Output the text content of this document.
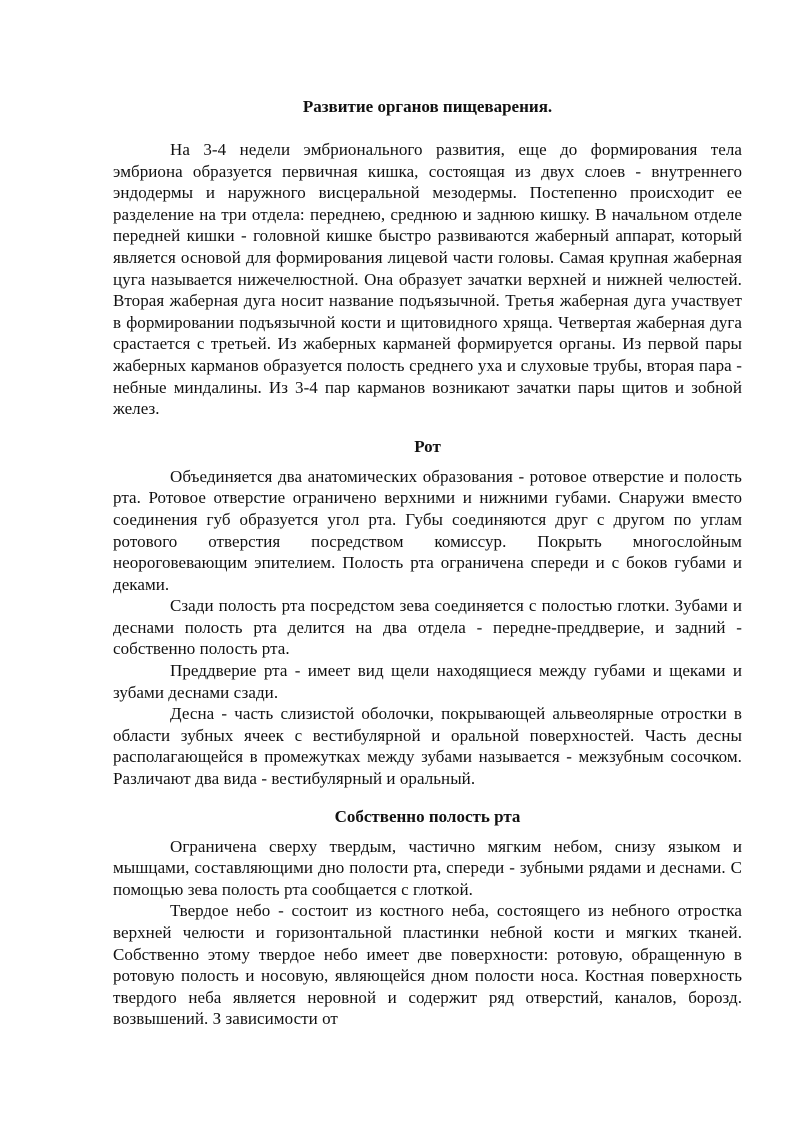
Развитие органов пищеварения.

На 3-4 недели эмбрионального развития, еще до формирования тела эмбриона образуется первичная кишка, состоящая из двух слоев - внутреннего эндодермы и наружного висцеральной мезодермы. Постепенно происходит ее разделение на три отдела: переднею, среднюю и заднюю кишку. В начальном отделе передней кишки - головной кишке быстро развиваются жаберный аппарат, который является основой для формирования лицевой части головы. Самая крупная жаберная цуга называется нижечелюстной. Она образует зачатки верхней и нижней челюстей. Вторая жаберная дуга носит название подъязычной. Третья жаберная дуга участвует в формировании подъязычной кости и щитовидного хряща. Четвертая жаберная дуга срастается с третьей. Из жаберных карманей формируется органы. Из первой пары жаберных карманов образуется полость среднего уха и слуховые трубы, вторая пара - небные миндалины. Из 3-4 пар карманов возникают зачатки пары щитов и зобной желез.

Рот

Объединяется два анатомических образования - ротовое отверстие и полость рта. Ротовое отверстие ограничено верхними и нижними губами. Снаружи вместо соединения губ образуется угол рта. Губы соединяются друг с другом по углам ротового отверстия посредством комиссур. Покрыть многослойным неороговевающим эпителием. Полость рта ограничена спереди и с боков губами и деками.

Сзади полость рта посредстом зева соединяется с полостью глотки. Зубами и деснами полость рта делится на два отдела - передне-преддверие, и задний - собственно полость рта.

Преддверие рта - имеет вид щели находящиеся между губами и щеками и зубами деснами сзади.

Десна - часть слизистой оболочки, покрывающей альвеолярные отростки в области зубных ячеек с вестибулярной и оральной поверхностей. Часть десны располагающейся в промежутках между зубами называется - межзубным сосочком. Различают два вида - вестибулярный и оральный.

Собственно полость рта

Ограничена сверху твердым, частично мягким небом, снизу языком и мышцами, составляющими дно полости рта, спереди - зубными рядами и деснами. С помощью зева полость рта сообщается с глоткой.

Твердое небо - состоит из костного неба, состоящего из небного отростка верхней челюсти и горизонтальной пластинки небной кости и мягких тканей. Собственно этому твердое небо имеет две поверхности: ротовую, обращенную в ротовую полость и носовую, являющейся дном полости носа. Костная поверхность твердого неба является неровной и содержит ряд отверстий, каналов, борозд. возвышений. З зависимости от
